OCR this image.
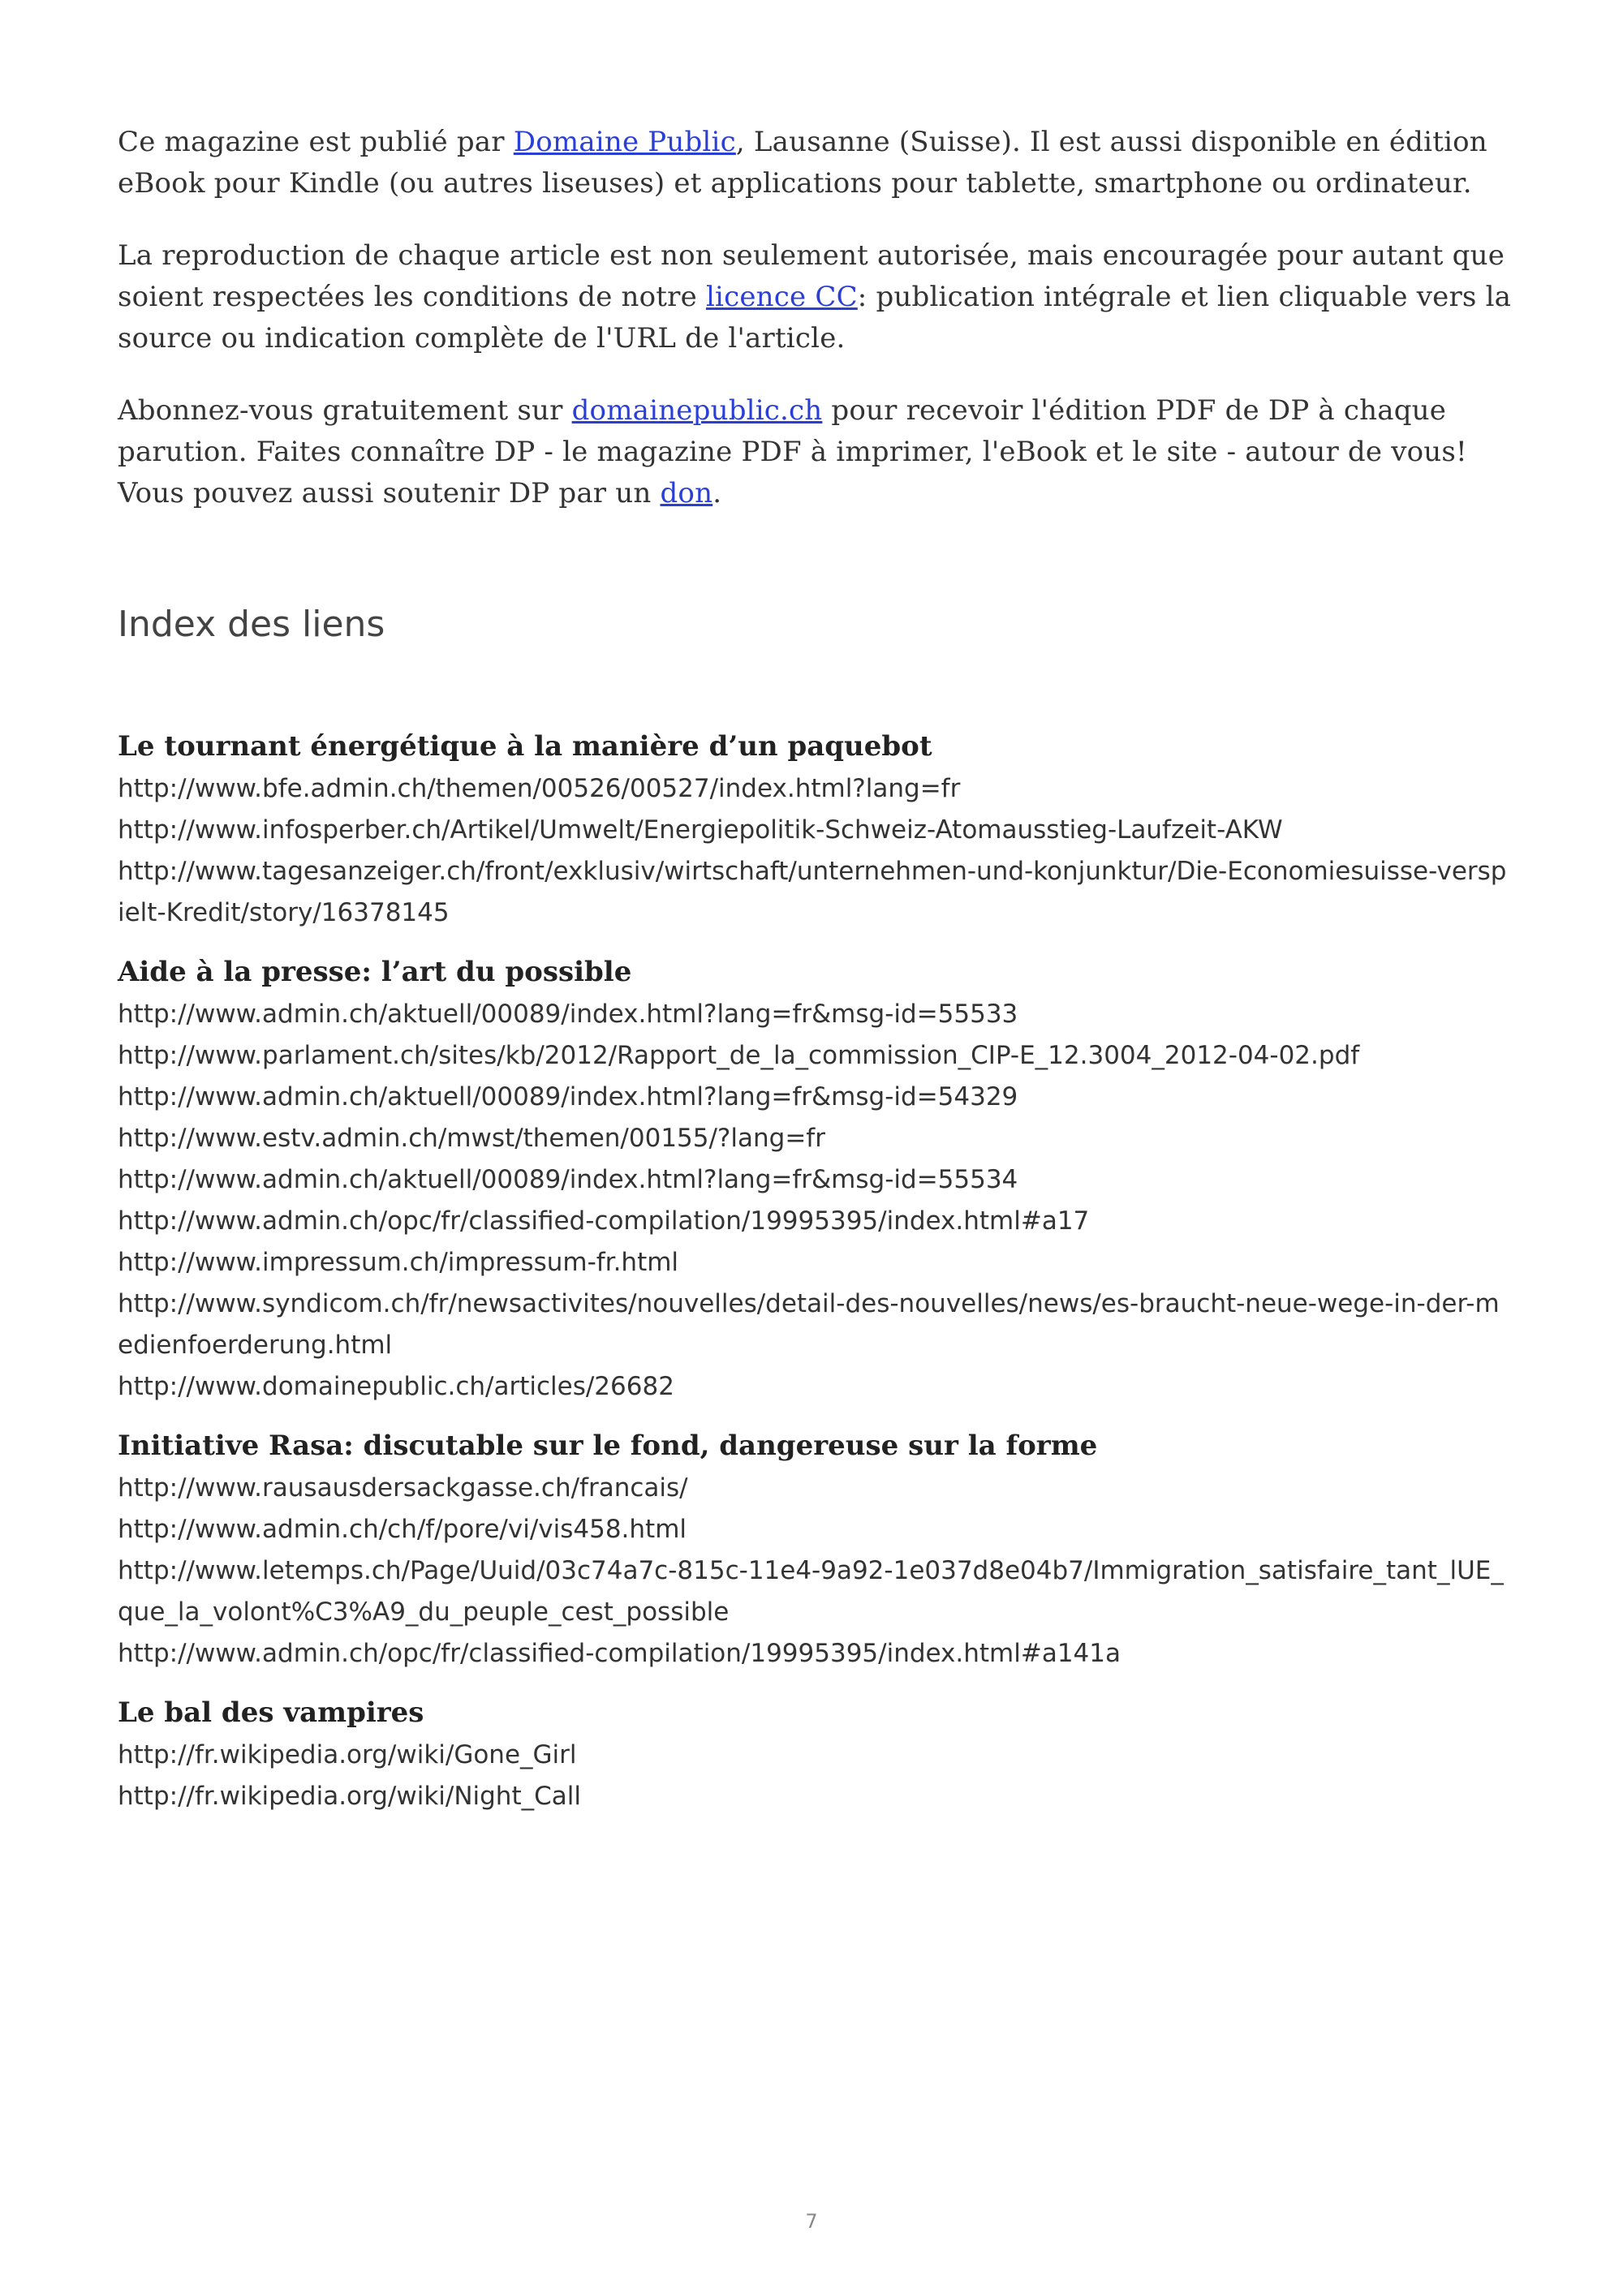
Ce magazine est publié par Domaine Public, Lausanne (Suisse). Il est aussi disponible en édition eBook pour Kindle (ou autres liseuses) et applications pour tablette, smartphone ou ordinateur.

La reproduction de chaque article est non seulement autorisée, mais encouragée pour autant que soient respectées les conditions de notre licence CC: publication intégrale et lien cliquable vers la source ou indication complète de l'URL de l'article.

Abonnez-vous gratuitement sur domainepublic.ch pour recevoir l'édition PDF de DP à chaque parution. Faites connaître DP - le magazine PDF à imprimer, l'eBook et le site - autour de vous! Vous pouvez aussi soutenir DP par un don.

Index des liens
Le tournant énergétique à la manière d’un paquebot
http://www.bfe.admin.ch/themen/00526/00527/index.html?lang=fr
http://www.infosperber.ch/Artikel/Umwelt/Energiepolitik-Schweiz-Atomausstieg-Laufzeit-AKW
http://www.tagesanzeiger.ch/front/exklusiv/wirtschaft/unternehmen-und-konjunktur/Die-Economiesuisse-verspielt-Kredit/story/16378145
Aide à la presse: l’art du possible
http://www.admin.ch/aktuell/00089/index.html?lang=fr&msg-id=55533
http://www.parlament.ch/sites/kb/2012/Rapport_de_la_commission_CIP-E_12.3004_2012-04-02.pdf
http://www.admin.ch/aktuell/00089/index.html?lang=fr&msg-id=54329
http://www.estv.admin.ch/mwst/themen/00155/?lang=fr
http://www.admin.ch/aktuell/00089/index.html?lang=fr&msg-id=55534
http://www.admin.ch/opc/fr/classified-compilation/19995395/index.html#a17
http://www.impressum.ch/impressum-fr.html
http://www.syndicom.ch/fr/newsactivites/nouvelles/detail-des-nouvelles/news/es-braucht-neue-wege-in-der-medienfoerderung.html
http://www.domainepublic.ch/articles/26682
Initiative Rasa: discutable sur le fond, dangereuse sur la forme
http://www.rausausdersackgasse.ch/francais/
http://www.admin.ch/ch/f/pore/vi/vis458.html
http://www.letemps.ch/Page/Uuid/03c74a7c-815c-11e4-9a92-1e037d8e04b7/Immigration_satisfaire_tant_lUE_que_la_volont%C3%A9_du_peuple_cest_possible
http://www.admin.ch/opc/fr/classified-compilation/19995395/index.html#a141a
Le bal des vampires
http://fr.wikipedia.org/wiki/Gone_Girl
http://fr.wikipedia.org/wiki/Night_Call
7
